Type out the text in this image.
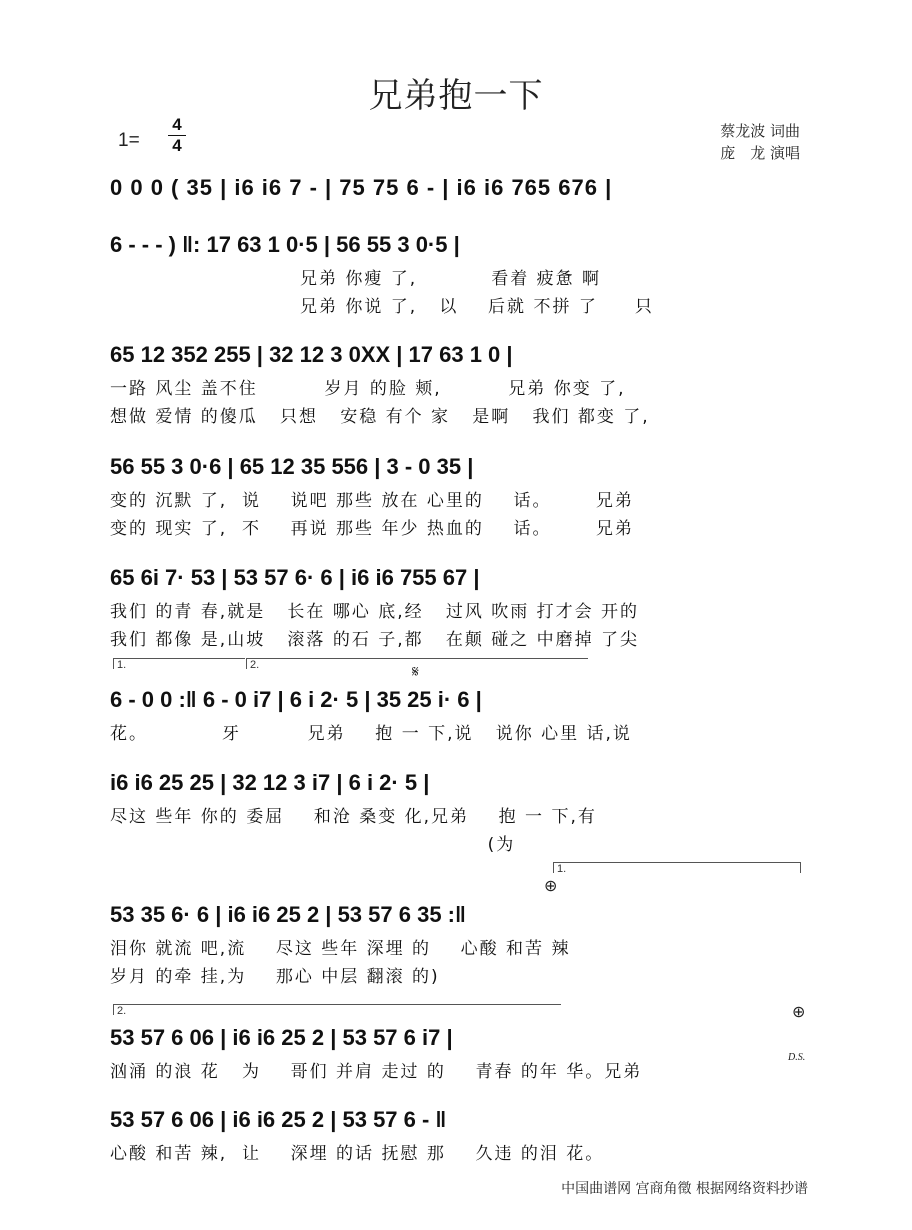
兄弟抱一下
1=
4
4
蔡龙波 词曲
庞　龙 演唱
0 0 0 ( 35 | i6 i6 7 - | 75 75 6 - | i6 i6 765 676 |
6 - - - ) ‖: 17 63 1 0·5 | 56 55 3 0·5 |
兄弟 你瘦 了,          看着 疲惫 啊
兄弟 你说 了,   以    后就 不拼 了     只
65 12 352 255 | 32 12 3 0XX | 17 63 1 0 |
一路 风尘 盖不住         岁月 的脸 颊,         兄弟 你变 了,
想做 爱情 的傻瓜   只想   安稳 有个 家   是啊   我们 都变 了,
56 55 3 0·6 | 65 12 35 556 | 3 - 0 35 |
变的 沉默 了,  说    说吧 那些 放在 心里的    话。      兄弟
变的 现实 了,  不    再说 那些 年少 热血的    话。      兄弟
65 6i 7· 53 | 53 57 6· 6 | i6 i6 755 67 |
我们 的青 春,就是   长在 哪心 底,经   过风 吹雨 打才会 开的
我们 都像 是,山坡   滚落 的石 子,都   在颠 碰之 中磨掉 了尖
1.	2.	𝄋
6 - 0 0 :‖ 6 - 0 i7 | 6 i 2· 5 | 35 25 i· 6 |
花。          牙         兄弟    抱 一 下,说   说你 心里 话,说
i6 i6 25 25 | 32 12 3 i7 | 6 i 2· 5 |
尽这 些年 你的 委屈    和沧 桑变 化,兄弟    抱 一 下,有
(为
1.
⊕
53 35 6· 6 | i6 i6 25 2 | 53 57 6 35 :‖
泪你 就流 吧,流    尽这 些年 深埋 的    心酸 和苦 辣
岁月 的牵 挂,为    那心 中层 翻滚 的)
2.	⊕
53 57 6 06 | i6 i6 25 2 | 53 57 6 i7 |
汹涌 的浪 花   为    哥们 并肩 走过 的    青春 的年 华。兄弟
D.S.
53 57 6 06 | i6 i6 25 2 | 53 57 6 - ‖
心酸 和苦 辣,  让    深埋 的话 抚慰 那    久违 的泪 花。
中国曲谱网 宫商角徵 根据网络资料抄谱
